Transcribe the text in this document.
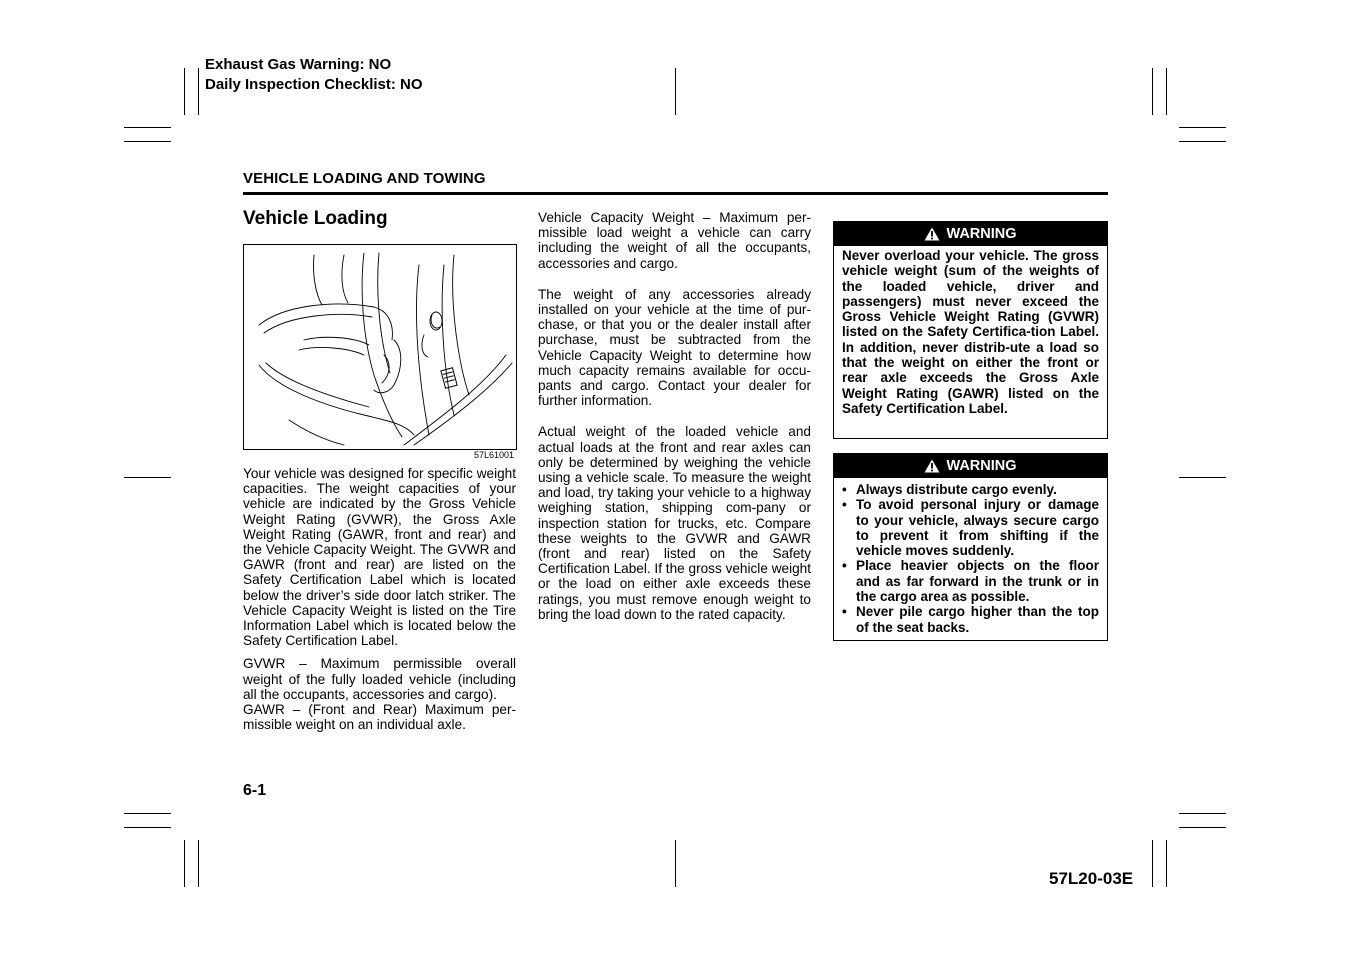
Exhaust Gas Warning: NO
Daily Inspection Checklist: NO
VEHICLE LOADING AND TOWING
Vehicle Loading
57L61001

Your vehicle was designed for specific weight capacities. The weight capacities of your vehicle are indicated by the Gross Vehicle Weight Rating (GVWR), the Gross Axle Weight Rating (GAWR, front and rear) and the Vehicle Capacity Weight. The GVWR and GAWR (front and rear) are listed on the Safety Certification Label which is located below the driver’s side door latch striker. The Vehicle Capacity Weight is listed on the Tire Information Label which is located below the Safety Certification Label.

GVWR – Maximum permissible overall weight of the fully loaded vehicle (including all the occupants, accessories and cargo).

GAWR – (Front and Rear) Maximum per-missible weight on an individual axle.

Vehicle Capacity Weight – Maximum per-missible load weight a vehicle can carry including the weight of all the occupants, accessories and cargo.

The weight of any accessories already installed on your vehicle at the time of pur-chase, or that you or the dealer install after purchase, must be subtracted from the Vehicle Capacity Weight to determine how much capacity remains available for occu-pants and cargo. Contact your dealer for further information.

Actual weight of the loaded vehicle and actual loads at the front and rear axles can only be determined by weighing the vehicle using a vehicle scale. To measure the weight and load, try taking your vehicle to a highway weighing station, shipping com-pany or inspection station for trucks, etc. Compare these weights to the GVWR and GAWR (front and rear) listed on the Safety Certification Label. If the gross vehicle weight or the load on either axle exceeds these ratings, you must remove enough weight to bring the load down to the rated capacity.

WARNING
Never overload your vehicle. The gross vehicle weight (sum of the weights of the loaded vehicle, driver and passengers) must never exceed the Gross Vehicle Weight Rating (GVWR) listed on the Safety Certifica-tion Label. In addition, never distrib-ute a load so that the weight on either the front or rear axle exceeds the Gross Axle Weight Rating (GAWR) listed on the Safety Certification Label.
WARNING
• Always distribute cargo evenly.
• To avoid personal injury or damage to your vehicle, always secure cargo to prevent it from shifting if the vehicle moves suddenly.
• Place heavier objects on the floor and as far forward in the trunk or in the cargo area as possible.
• Never pile cargo higher than the top of the seat backs.
6-1
57L20-03E
